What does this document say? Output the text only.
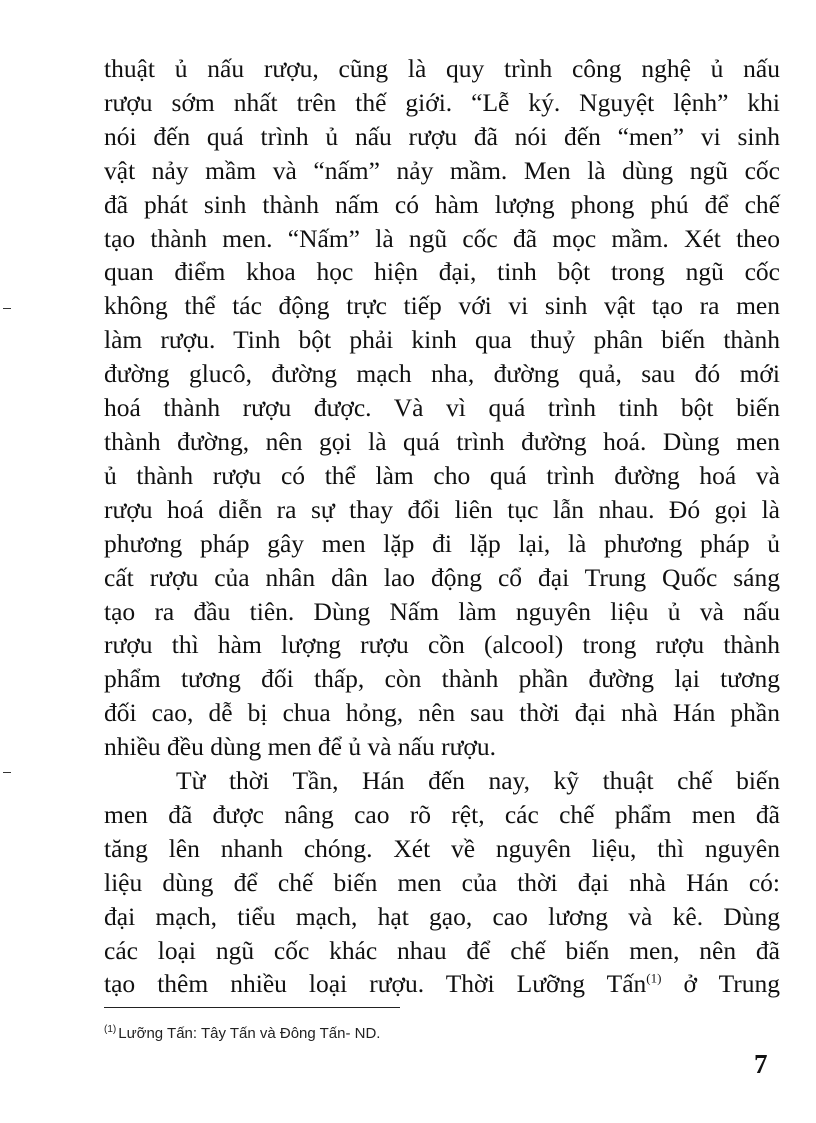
thuật ủ nấu rượu, cũng là quy trình công nghệ ủ nấu
rượu sớm nhất trên thế giới. “Lễ ký. Nguyệt lệnh” khi
nói đến quá trình ủ nấu rượu đã nói đến “men” vi sinh
vật nảy mầm và “nấm” nảy mầm. Men là dùng ngũ cốc
đã phát sinh thành nấm có hàm lượng phong phú để chế
tạo thành men. “Nấm” là ngũ cốc đã mọc mầm. Xét theo
quan điểm khoa học hiện đại, tinh bột trong ngũ cốc
không thể tác động trực tiếp với vi sinh vật tạo ra men
làm rượu. Tinh bột phải kinh qua thuỷ phân biến thành
đường glucô, đường mạch nha, đường quả, sau đó mới
hoá thành rượu được. Và vì quá trình tinh bột biến
thành đường, nên gọi là quá trình đường hoá. Dùng men
ủ thành rượu có thể làm cho quá trình đường hoá và
rượu hoá diễn ra sự thay đổi liên tục lẫn nhau. Đó gọi là
phương pháp gây men lặp đi lặp lại, là phương pháp ủ
cất rượu của nhân dân lao động cổ đại Trung Quốc sáng
tạo ra đầu tiên. Dùng Nấm làm nguyên liệu ủ và nấu
rượu thì hàm lượng rượu cồn (alcool) trong rượu thành
phẩm tương đối thấp, còn thành phần đường lại tương
đối cao, dễ bị chua hỏng, nên sau thời đại nhà Hán phần
nhiều đều dùng men để ủ và nấu rượu.
Từ thời Tần, Hán đến nay, kỹ thuật chế biến
men đã được nâng cao rõ rệt, các chế phẩm men đã
tăng lên nhanh chóng. Xét về nguyên liệu, thì nguyên
liệu dùng để chế biến men của thời đại nhà Hán có:
đại mạch, tiểu mạch, hạt gạo, cao lương và kê. Dùng
các loại ngũ cốc khác nhau để chế biến men, nên đã
tạo thêm nhiều loại rượu. Thời Lưỡng Tấn$^{(1)}$ ở Trung
$^{(1)}$ Lưỡng Tấn: Tây Tấn và Đông Tấn- ND.
7
